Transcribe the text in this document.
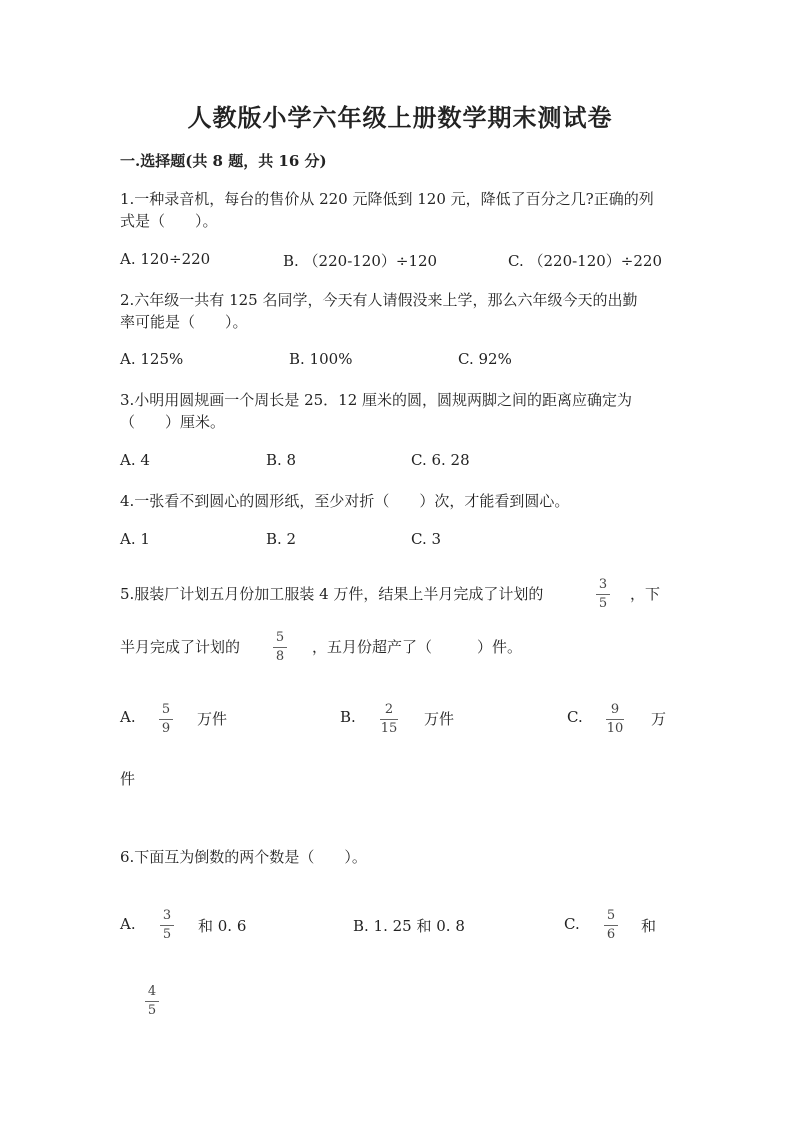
人教版小学六年级上册数学期末测试卷
一.选择题(共 8 题，共 16 分)
1.一种录音机，每台的售价从 220 元降低到 120 元，降低了百分之几?正确的列
式是（　　）。
A. 120÷220	B. （220-120）÷120	C. （220-120）÷220
2.六年级一共有 125 名同学，今天有人请假没来上学，那么六年级今天的出勤
率可能是（　　）。
A. 125%	B. 100%	C. 92%
3.小明用圆规画一个周长是 25．12 厘米的圆，圆规两脚之间的距离应确定为
（　　）厘米。
A. 4	B. 8	C. 6. 28
4.一张看不到圆心的圆形纸，至少对折（　　）次，才能看到圆心。
A. 1	B. 2	C. 3
5.服装厂计划五月份加工服装 4 万件，结果上半月完成了计划的
3
5
，下
半月完成了计划的
5
8
，五月份超产了（　　　）件。
A. 5
9
万件	B. 2
15
万件	C. 9
10
万
件
6.下面互为倒数的两个数是（　　）。
A. 3
5 和 0. 6	B. 1. 25 和 0. 8	C. 5
6 和
4
5
